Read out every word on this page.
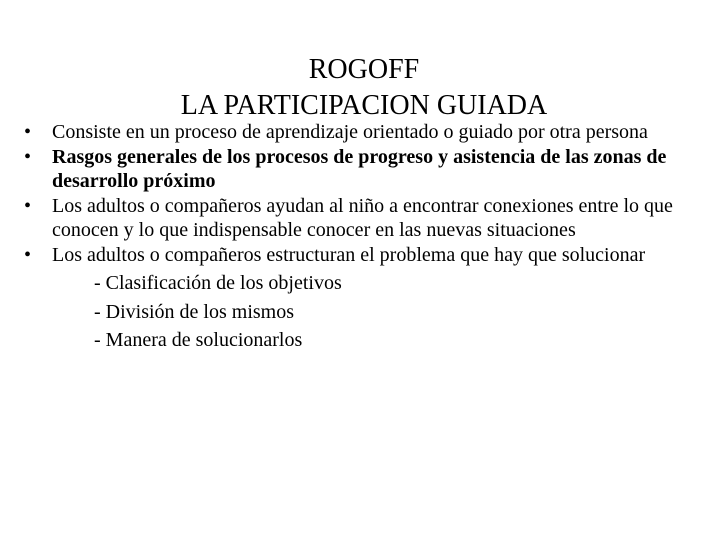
ROGOFF
LA PARTICIPACION GUIADA
•	Consiste en un proceso de aprendizaje orientado o guiado por otra persona
•	Rasgos generales de los procesos de progreso y asistencia de las zonas de desarrollo próximo
•	Los adultos o compañeros ayudan al niño a encontrar conexiones entre lo que conocen y lo que indispensable conocer en las nuevas situaciones
•	Los adultos o compañeros estructuran el problema que hay que solucionar
- Clasificación de los objetivos
- División de los mismos
- Manera de solucionarlos
